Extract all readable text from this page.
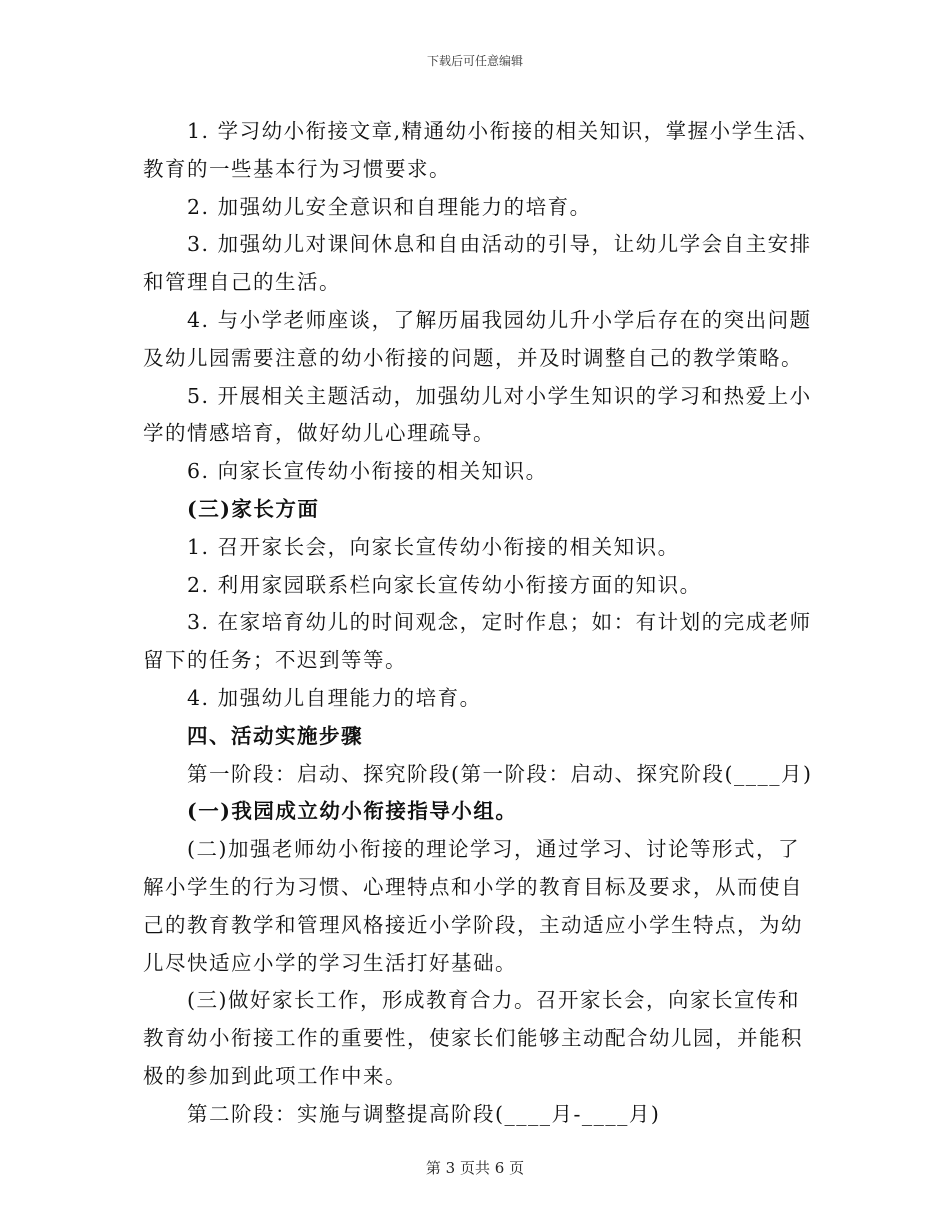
下载后可任意编辑
1. 学习幼小衔接文章,精通幼小衔接的相关知识，掌握小学生活、
教育的一些基本行为习惯要求。
2. 加强幼儿安全意识和自理能力的培育。
3. 加强幼儿对课间休息和自由活动的引导，让幼儿学会自主安排
和管理自己的生活。
4. 与小学老师座谈，了解历届我园幼儿升小学后存在的突出问题
及幼儿园需要注意的幼小衔接的问题，并及时调整自己的教学策略。
5. 开展相关主题活动，加强幼儿对小学生知识的学习和热爱上小
学的情感培育，做好幼儿心理疏导。
6. 向家长宣传幼小衔接的相关知识。
(三)家长方面
1. 召开家长会，向家长宣传幼小衔接的相关知识。
2. 利用家园联系栏向家长宣传幼小衔接方面的知识。
3. 在家培育幼儿的时间观念，定时作息；如：有计划的完成老师
留下的任务；不迟到等等。
4. 加强幼儿自理能力的培育。
四、活动实施步骤
第一阶段：启动、探究阶段(第一阶段：启动、探究阶段(____月)
(一)我园成立幼小衔接指导小组。
(二)加强老师幼小衔接的理论学习，通过学习、讨论等形式，了
解小学生的行为习惯、心理特点和小学的教育目标及要求，从而使自
己的教育教学和管理风格接近小学阶段，主动适应小学生特点，为幼
儿尽快适应小学的学习生活打好基础。
(三)做好家长工作，形成教育合力。召开家长会，向家长宣传和
教育幼小衔接工作的重要性，使家长们能够主动配合幼儿园，并能积
极的参加到此项工作中来。
第二阶段：实施与调整提高阶段(____月-____月)
第 3 页共 6 页
